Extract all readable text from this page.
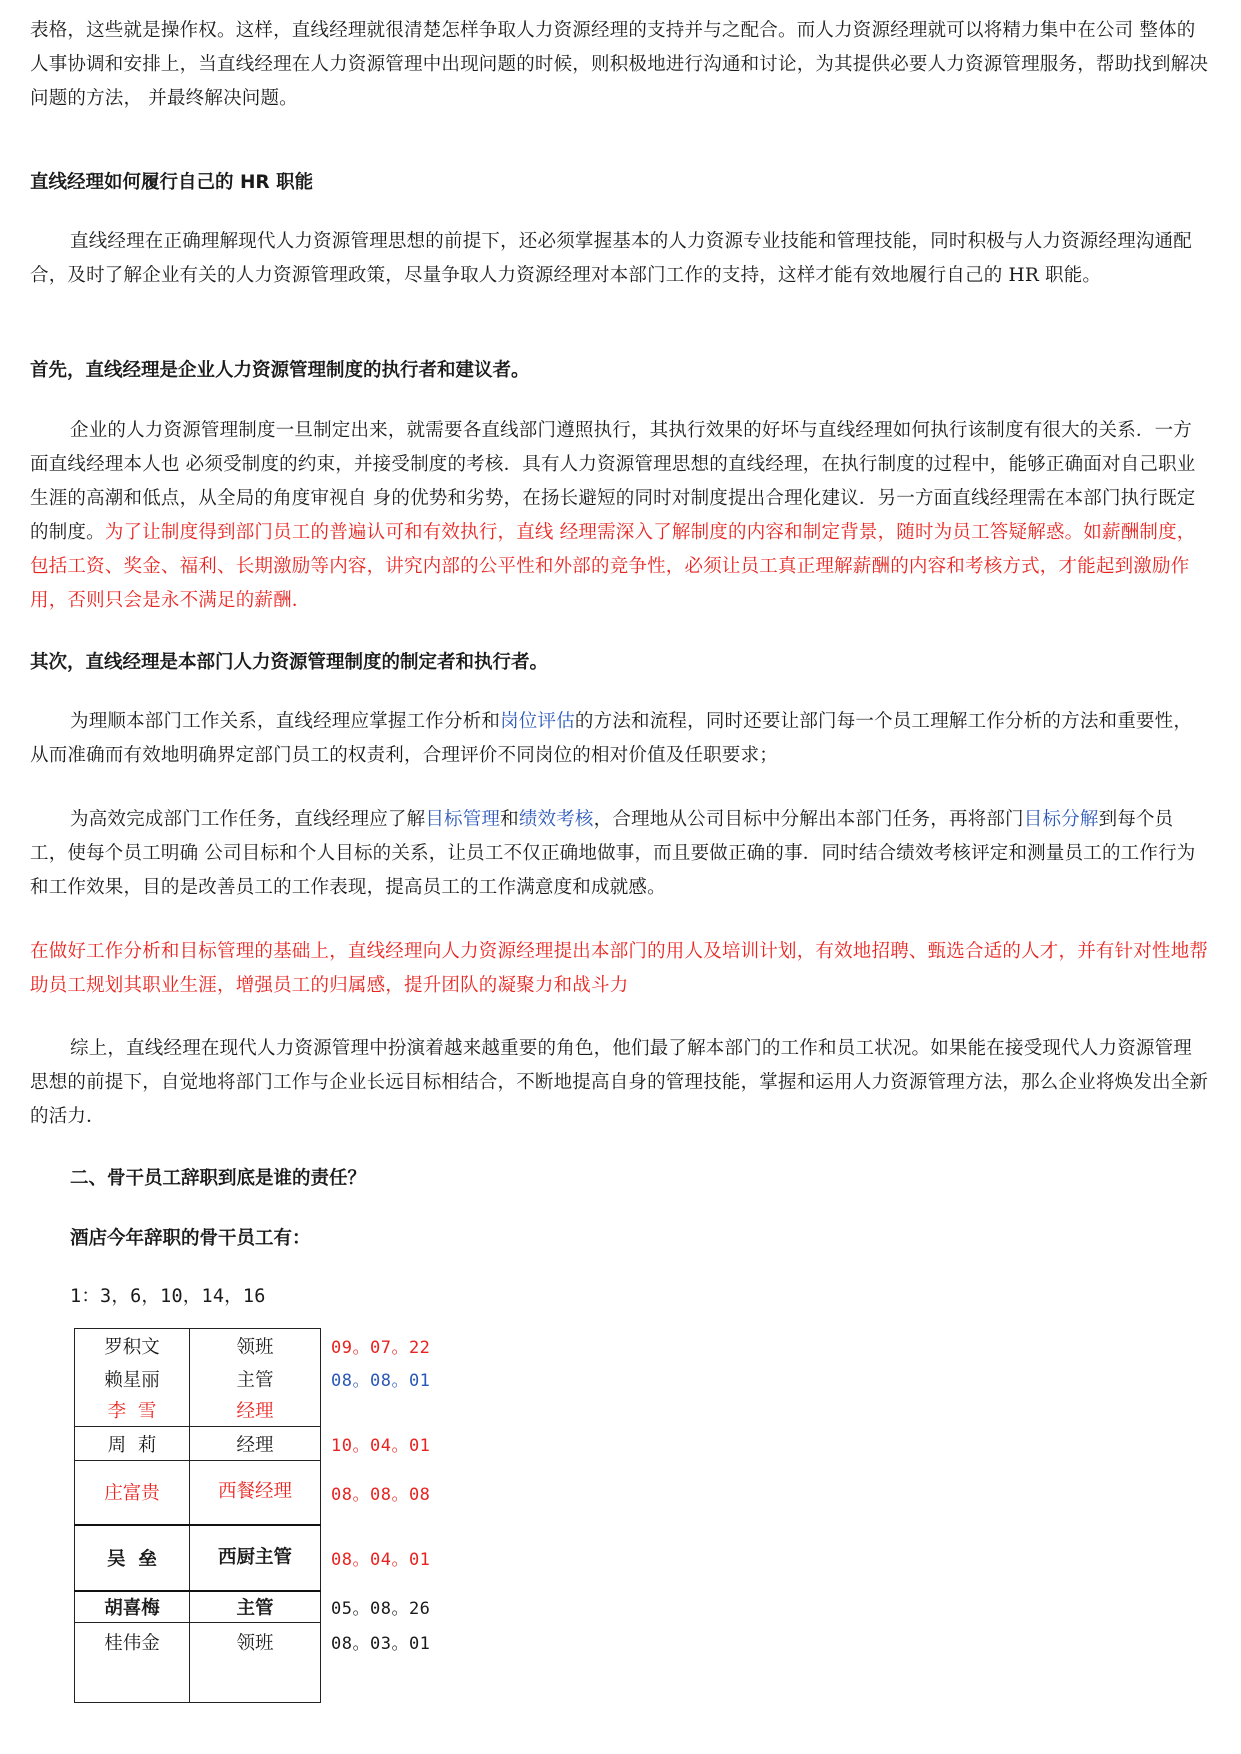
表格，这些就是操作权。这样，直线经理就很清楚怎样争取人力资源经理的支持并与之配合。而人力资源经理就可以将精力集中在公司 整体的人事协调和安排上，当直线经理在人力资源管理中出现问题的时候，则积极地进行沟通和讨论，为其提供必要人力资源管理服务，帮助找到解决问题的方法， 并最终解决问题。

直线经理如何履行自己的 HR 职能

直线经理在正确理解现代人力资源管理思想的前提下，还必须掌握基本的人力资源专业技能和管理技能，同时积极与人力资源经理沟通配合，及时了解企业有关的人力资源管理政策，尽量争取人力资源经理对本部门工作的支持，这样才能有效地履行自己的 HR 职能。

首先，直线经理是企业人力资源管理制度的执行者和建议者。

企业的人力资源管理制度一旦制定出来，就需要各直线部门遵照执行，其执行效果的好坏与直线经理如何执行该制度有很大的关系．一方面直线经理本人也 必须受制度的约束，并接受制度的考核．具有人力资源管理思想的直线经理，在执行制度的过程中，能够正确面对自己职业生涯的高潮和低点，从全局的角度审视自 身的优势和劣势，在扬长避短的同时对制度提出合理化建议．另一方面直线经理需在本部门执行既定的制度。为了让制度得到部门员工的普遍认可和有效执行，直线 经理需深入了解制度的内容和制定背景，随时为员工答疑解惑。如薪酬制度，包括工资、奖金、福利、长期激励等内容，讲究内部的公平性和外部的竞争性，必须让员工真正理解薪酬的内容和考核方式，才能起到激励作用，否则只会是永不满足的薪酬．

其次，直线经理是本部门人力资源管理制度的制定者和执行者。

为理顺本部门工作关系，直线经理应掌握工作分析和岗位评估的方法和流程，同时还要让部门每一个员工理解工作分析的方法和重要性，从而准确而有效地明确界定部门员工的权责利，合理评价不同岗位的相对价值及任职要求；

为高效完成部门工作任务，直线经理应了解目标管理和绩效考核，合理地从公司目标中分解出本部门任务，再将部门目标分解到每个员工，使每个员工明确 公司目标和个人目标的关系，让员工不仅正确地做事，而且要做正确的事．同时结合绩效考核评定和测量员工的工作行为和工作效果，目的是改善员工的工作表现，提高员工的工作满意度和成就感。

在做好工作分析和目标管理的基础上，直线经理向人力资源经理提出本部门的用人及培训计划，有效地招聘、甄选合适的人才，并有针对性地帮助员工规划其职业生涯，增强员工的归属感，提升团队的凝聚力和战斗力

综上，直线经理在现代人力资源管理中扮演着越来越重要的角色，他们最了解本部门的工作和员工状况。如果能在接受现代人力资源管理思想的前提下，自觉地将部门工作与企业长远目标相结合，不断地提高自身的管理技能，掌握和运用人力资源管理方法，那么企业将焕发出全新的活力．

二、骨干员工辞职到底是谁的责任？
酒店今年辞职的骨干员工有：

1：3，6，10，14，16

罗积文	领班	09。07。22
赖星丽	主管	08。08。01
李  雪	经理	
周  莉	经理	10。04。01
庄富贵	西餐经理	08。08。08
吴  垒	西厨主管	08。04。01
胡喜梅	主管	05。08。26
桂伟金	领班	08。03。01
